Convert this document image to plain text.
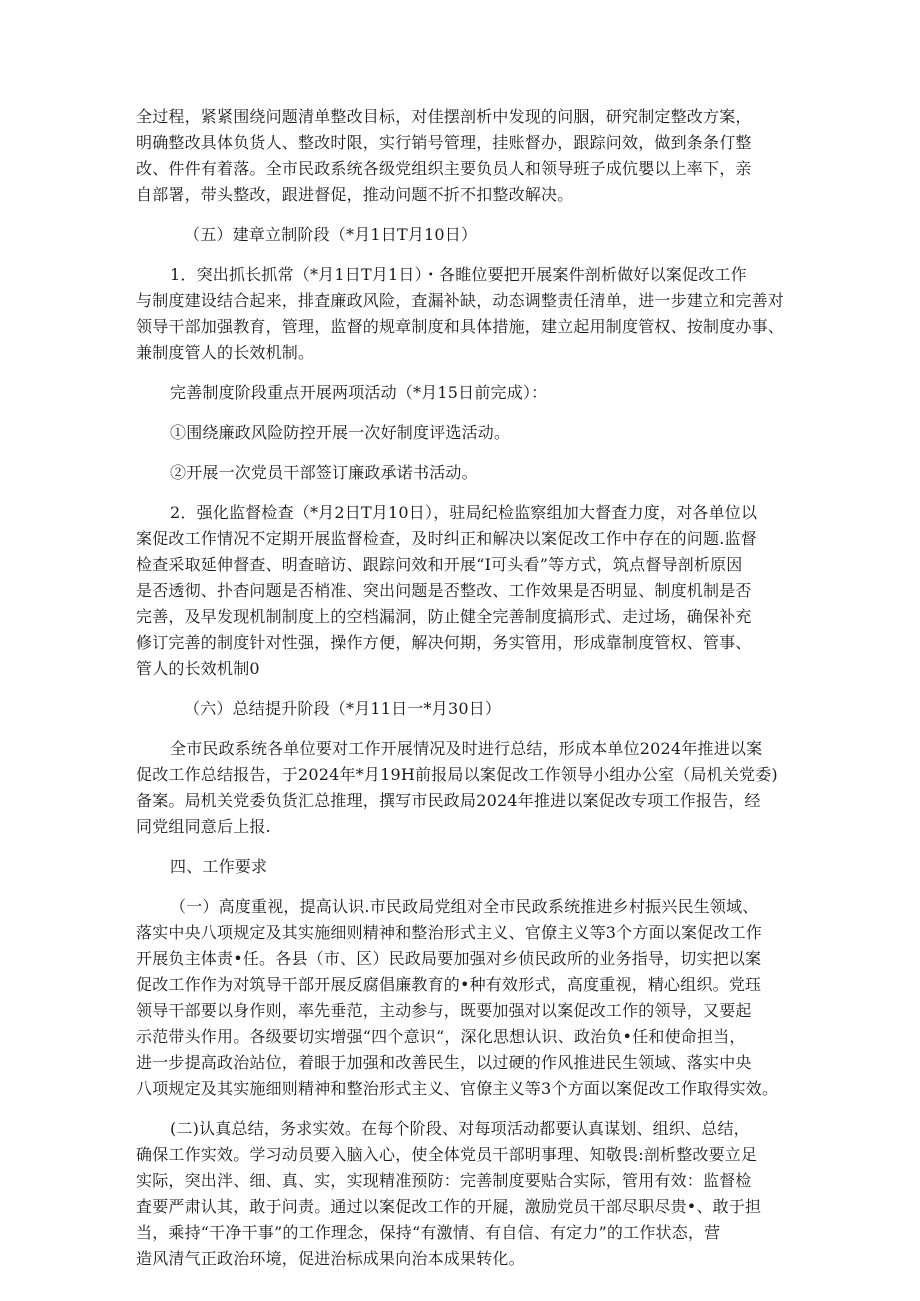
全过程，紧紧围绕问题清单整改目标，对佳摆剖析中发现的问胭，研究制定整改方案，
明确整改具体负货人、整改时限，实行销号管理，挂账督办，跟踪问效，做到条条仃整
改、件件有着落。全市民政系统各级党组织主要负员人和领导班子成伉嬰以上率下，亲
自部署，带头整改，跟进督促，推动问题不折不扣整改解决。

（五）建章立制阶段（*月1日T月10日）

1．突出抓长抓常（*月1日T月1日）・各睢位要把开展案件剖析做好以案促改工作
与制度建设结合起来，排査廉政风险，査漏补缺，动态调整责任清单，进一步建立和完善对
领导干部加强教育，管理，监督的规章制度和具体措施，建立起用制度管权、按制度办事、
兼制度管人的长效机制。

完善制度阶段重点开展两项活动（*月15日前完成）：

①围绕廉政风险防控开展一次好制度评选活动。

②开展一次党员干部签订廉政承诺书活动。

2．强化监督检查（*月2日T月10日），驻局纪检监察组加大督査力度，对各单位以
案促改工作情况不定期开展监督检查，及时纠正和解决以案促改工作中存在的问题.监督
检查采取延伸督查、明查暗访、跟踪问效和开展“I可头看”等方式，筑点督导剖析原因
是否透彻、扑杳问题是否梢准、突出问题是否整改、工作效果是否明显、制度机制是否
完善，及早发现机制制度上的空档漏洞，防止健全完善制度搞形式、走过场，确保补充
修订完善的制度针对性强，操作方便，解决何期，务实管用，形成靠制度管权、管事、
管人的长效机制0

（六）总结提升阶段（*月11日一*月30日）

全市民政系统各单位要对工作开展情况及时进行总结，形成本单位2024年推进以案
促改工作总结报告，于2024年*月19H前报局以案促改工作领导小组办公室（局机关党委)
备案。局机关党委负货汇总推理，撰写市民政局2024年推进以案促改专项工作报告，经
同党组同意后上报.

四、工作要求

（一）高度重视，提高认识.市民政局党组对全市民政系统推进乡村振兴民生领域、
落实中央八项规定及其实施细则精神和整治形式主义、官僚主义等3个方面以案促改工作
开展负主体责•任。各县（市、区）民政局要加强对乡侦民政所的业务指导，切实把以案
促改工作作为对筑导干部开展反腐倡廉教育的•种有效形式，高度重视，精心组织。党珏
领导干部要以身作则，率先垂范，主动参与，既要加强对以案促改工作的领导，又要起
示范带头作用。各级要切实增强“四个意识“，深化思想认识、政治负•任和使命担当，
进一步提高政治站位，着眼于加强和改善民生，以过硬的作风推进民生领域、落实中央
八项规定及其实施细则精神和整治形式主义、官僚主义等3个方面以案促改工作取得实效。

(二)认真总结，务求实效。在每个阶段、对每项活动都要认真谋划、组织、总结，
确保工作实效。学习动员要入脑入心，使全体党员干部明事理、知敬畏:剖析整改要立足
实际，突出泮、细、真、实，实现精准预防：完善制度要贴合实际，管用有效：监督检
査要严肃认其，敢于问责。通过以案促改工作的开屣，激励党员干部尽职尽贵•、敢于担
当，乘持“干净干事”的工作理念，保持“有激情、有自信、有定力”的工作状态，营
造风清气正政治环境，促进治标成果向治本成果转化。
